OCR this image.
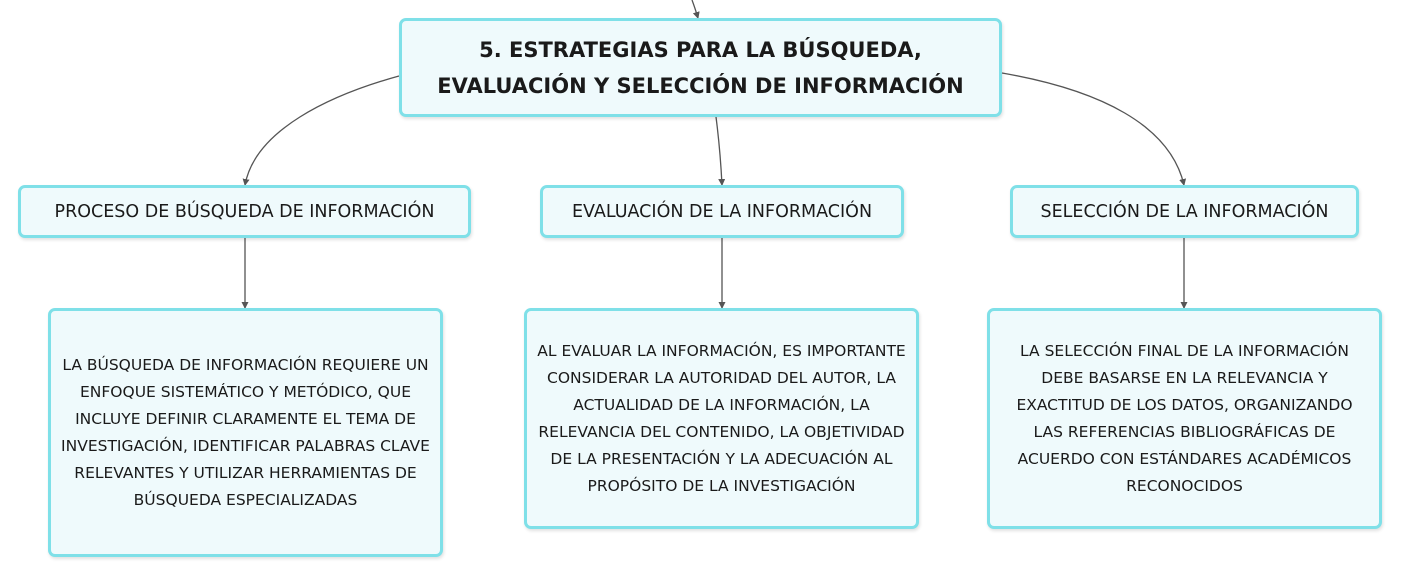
5. ESTRATEGIAS PARA LA BÚSQUEDA, EVALUACIÓN Y SELECCIÓN DE INFORMACIÓN
PROCESO DE BÚSQUEDA DE INFORMACIÓN	EVALUACIÓN DE LA INFORMACIÓN	SELECCIÓN DE LA INFORMACIÓN
LA BÚSQUEDA DE INFORMACIÓN REQUIERE UN ENFOQUE SISTEMÁTICO Y METÓDICO, QUE INCLUYE DEFINIR CLARAMENTE EL TEMA DE INVESTIGACIÓN, IDENTIFICAR PALABRAS CLAVE RELEVANTES Y UTILIZAR HERRAMIENTAS DE BÚSQUEDA ESPECIALIZADAS
AL EVALUAR LA INFORMACIÓN, ES IMPORTANTE CONSIDERAR LA AUTORIDAD DEL AUTOR, LA ACTUALIDAD DE LA INFORMACIÓN, LA RELEVANCIA DEL CONTENIDO, LA OBJETIVIDAD DE LA PRESENTACIÓN Y LA ADECUACIÓN AL PROPÓSITO DE LA INVESTIGACIÓN
LA SELECCIÓN FINAL DE LA INFORMACIÓN DEBE BASARSE EN LA RELEVANCIA Y EXACTITUD DE LOS DATOS, ORGANIZANDO LAS REFERENCIAS BIBLIOGRÁFICAS DE ACUERDO CON ESTÁNDARES ACADÉMICOS RECONOCIDOS
